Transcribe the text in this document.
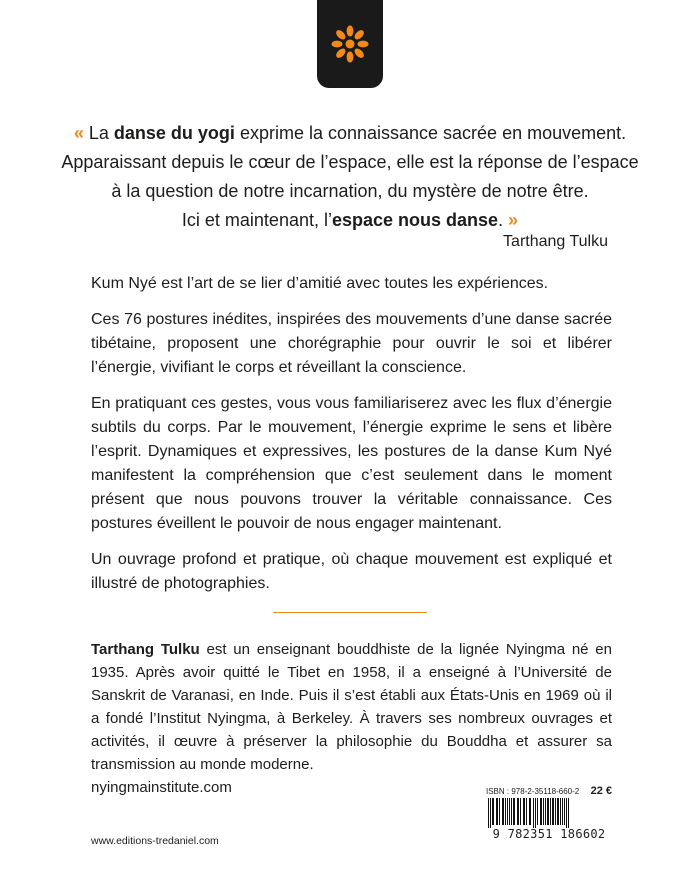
« La danse du yogi exprime la connaissance sacrée en mouvement.

Apparaissant depuis le cœur de l’espace, elle est la réponse de l’espace

à la question de notre incarnation, du mystère de notre être.

Ici et maintenant, l’espace nous danse. »

Tarthang Tulku

Kum Nyé est l’art de se lier d’amitié avec toutes les expériences.

Ces 76 postures inédites, inspirées des mouvements d’une danse sacrée tibétaine, proposent une chorégraphie pour ouvrir le soi et libérer l’énergie, vivifiant le corps et réveillant la conscience.

En pratiquant ces gestes, vous vous familiariserez avec les flux d’énergie subtils du corps. Par le mouvement, l’énergie exprime le sens et libère l’esprit. Dynamiques et expressives, les postures de la danse Kum Nyé manifestent la compréhension que c’est seulement dans le moment présent que nous pouvons trouver la véritable connaissance. Ces postures éveillent le pouvoir de nous engager maintenant.

Un ouvrage profond et pratique, où chaque mouvement est expliqué et illustré de photographies.

Tarthang Tulku est un enseignant bouddhiste de la lignée Nyingma né en 1935. Après avoir quitté le Tibet en 1958, il a enseigné à l’Université de Sanskrit de Varanasi, en Inde. Puis il s’est établi aux États-Unis en 1969 où il a fondé l’Institut Nyingma, à Berkeley. À travers ses nombreux ouvrages et activités, il œuvre à préserver la philosophie du Bouddha et assurer sa transmission au monde moderne.

nyingmainstitute.com

www.editions-tredaniel.com
ISBN : 978-2-35118-660-2 22 €
9 782351 186602
